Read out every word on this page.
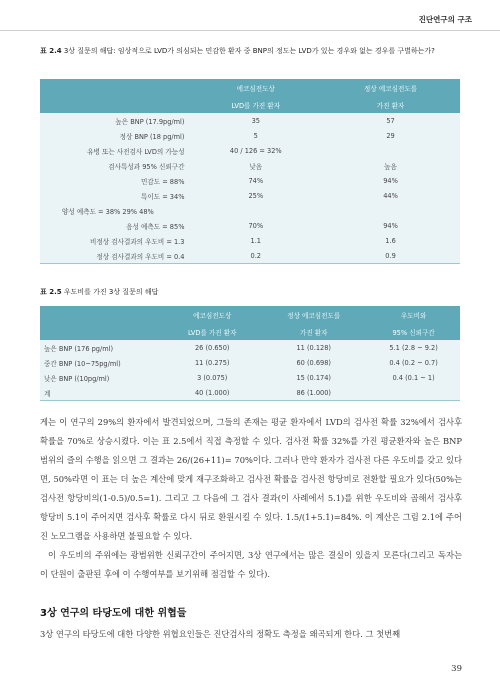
진단연구의 구조
표 2.4 3상 질문의 해답: 임상적으로 LVD가 의심되는 민감한 환자 중 BNP의 정도는 LVD가 있는 경우와 없는 경우를 구별하는가?
	에코심전도상	정상 에코심전도를
	LVD를 가진 환자	가진 환자
높은 BNP (17.9pg/ml)	35	57
정상 BNP (18 pg/ml)	5	29
유병 또는 사전검사 LVD의 가능성	40 / 126 = 32%	
검사특성과 95% 신뢰구간	낮음	높음
민감도 = 88%	74%	94%
특이도 = 34%	25%	44%
양성 예측도 = 38% 29% 48%		
음성 예측도 = 85%	70%	94%
비정상 검사결과의 우도비 = 1.3	1.1	1.6
정상 검사결과의 우도비 = 0.4	0.2	0.9
표 2.5 우도비를 가진 3상 질문의 해답
	에코심전도상	정상 에코심전도를	우도비와
	LVD를 가진 환자	가진 환자	95% 신뢰구간
높은 BNP (176 pg/ml)	26 (0.650)	11 (0.128)	5.1 (2.8 ~ 9.2)
중간 BNP (10~75pg/ml)	11 (0.275)	60 (0.698)	0.4 (0.2 ~ 0.7)
낮은 BNP ((10pg/ml)	3 (0.075)	15 (0.174)	0.4 (0.1 ~ 1)
계	40 (1.000)	86 (1.000)	

게는 이 연구의 29%의 환자에서 발견되었으며, 그들의 존재는 평균 환자에서 LVD의 검사전 확률 32%에서 검사후 확률을 70%로 상승시켰다. 이는 표 2.5에서 직접 측정할 수 있다. 검사전 확률 32%를 가진 평균환자와 높은 BNP 범위의 즐의 수행을 읽으면 그 결과는 26/(26+11)= 70%이다. 그러나 만약 환자가 검사전 다른 우도비를 갖고 있다면, 50%라면 이 표는 더 높은 계산에 맞게 재구조화하고 검사전 확률을 검사전 항당비로 전환할 필요가 있다(50%는 검사전 항당비의(1-0.5)/0.5=1). 그리고 그 다음에 그 검사 결과(이 사례에서 5.1)를 위한 우도비와 곱해서 검사후 항당비 5.1이 주어지면 검사후 확률로 다시 뒤로 환원시킬 수 있다. 1.5/(1+5.1)=84%. 이 계산은 그림 2.1에 주어진 노모그램을 사용하면 불필요할 수 있다.

이 우도비의 주위에는 광범위한 신뢰구간이 주어지면, 3상 연구에서는 많은 결실이 있을지 모른다(그리고 독자는 이 단원이 출판된 후에 이 수행여부를 보기위해 점검할 수 있다).

3상 연구의 타당도에 대한 위협들
3상 연구의 타당도에 대한 다양한 위협요인들은 진단검사의 정확도 측정을 왜곡되게 한다. 그 첫번째
39
